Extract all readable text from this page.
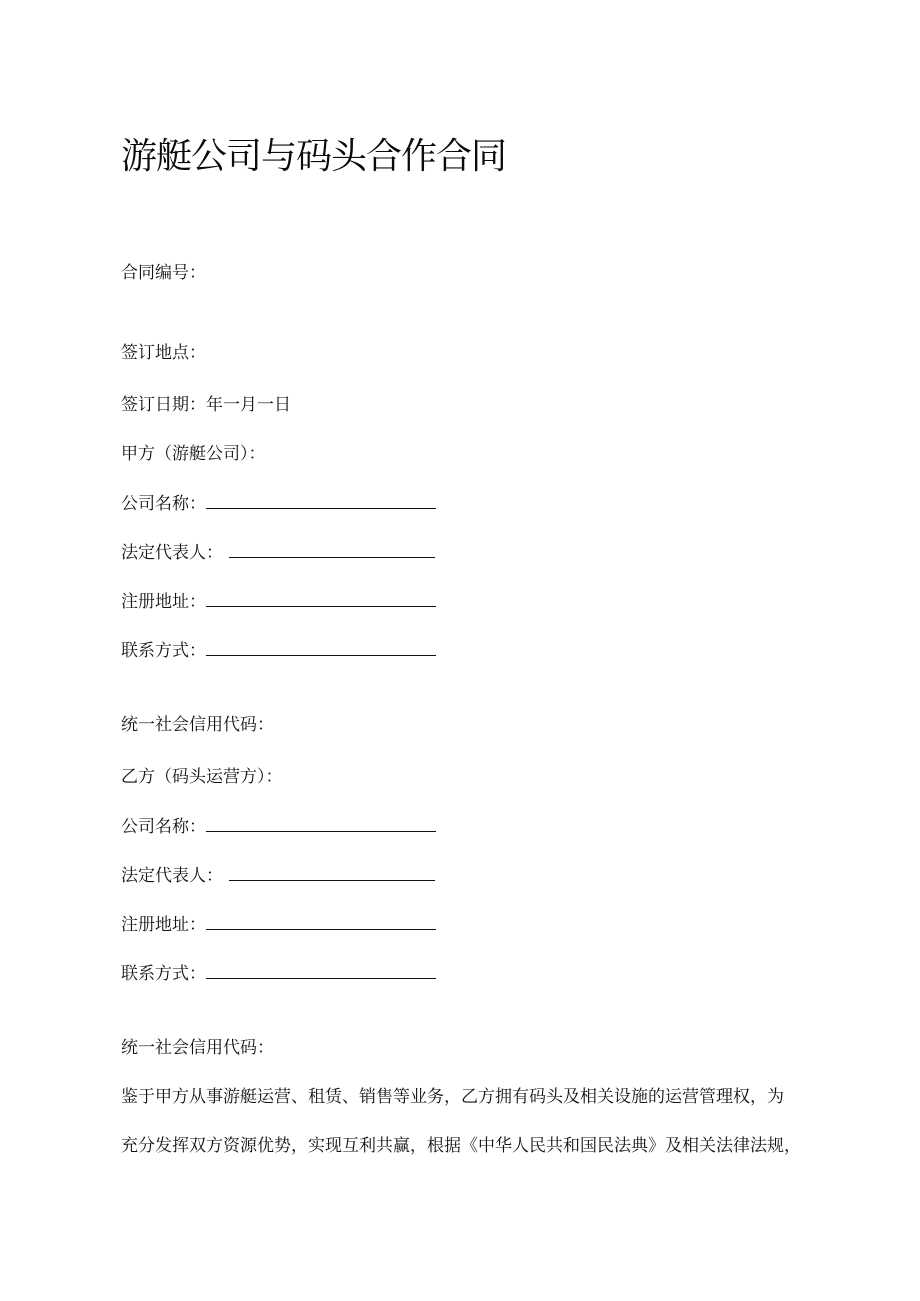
游艇公司与码头合作合同
合同编号：
签订地点：
签订日期：年一月一日
甲方（游艇公司）：
公司名称：
法定代表人：
注册地址：
联系方式：
统一社会信用代码：
乙方（码头运营方）：
公司名称：
法定代表人：
注册地址：
联系方式：
统一社会信用代码：
鉴于甲方从事游艇运营、租赁、销售等业务，乙方拥有码头及相关设施的运营管理权，为
充分发挥双方资源优势，实现互利共赢，根据《中华人民共和国民法典》及相关法律法规，
